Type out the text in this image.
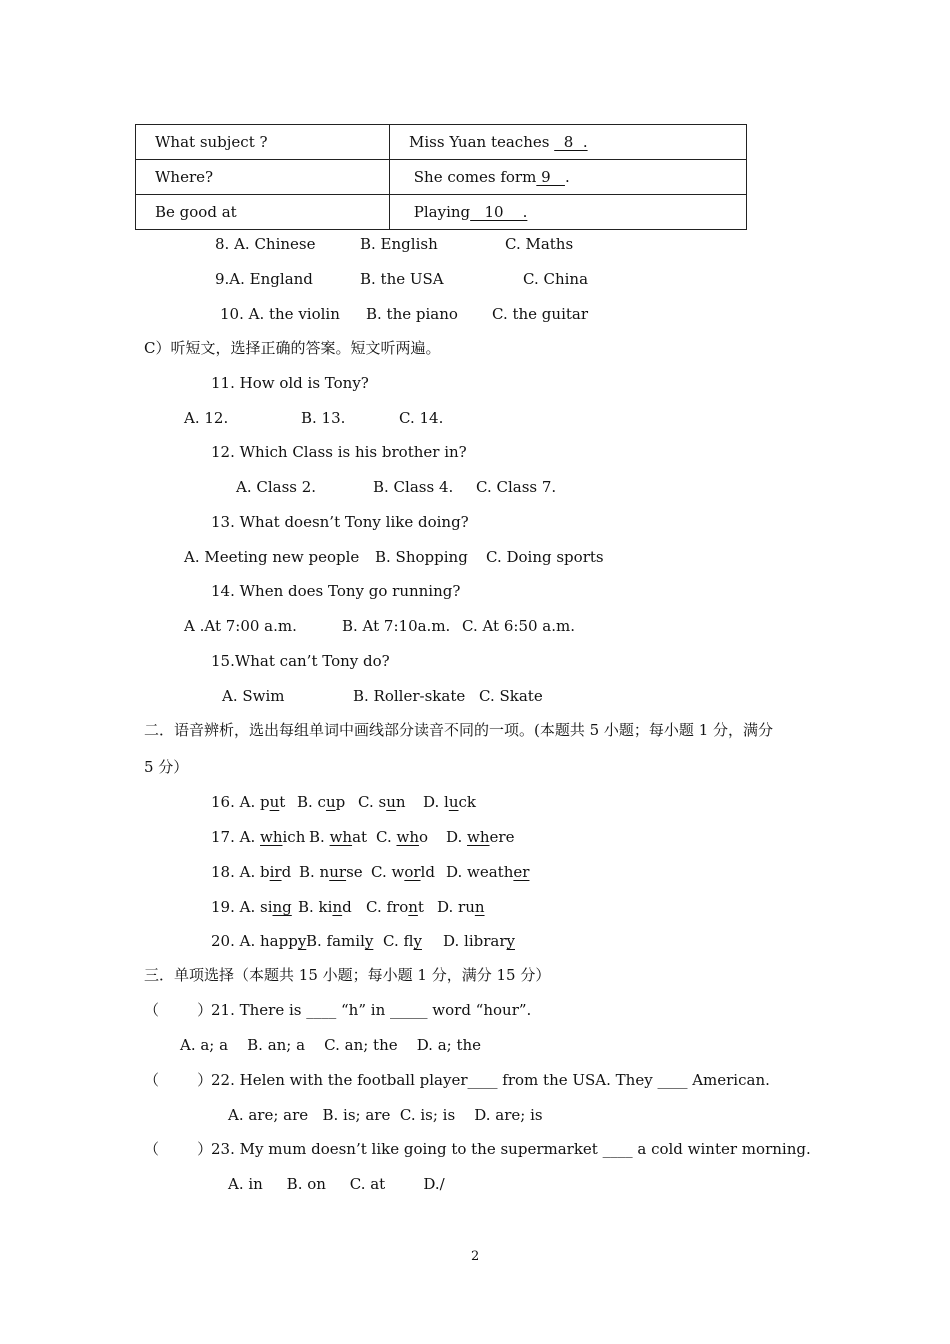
What subject ?	Miss Yuan teaches   8  .
Where?	She comes form 9   .
Be good at	Playing   10    .
8. A. Chinese	B. English	C. Maths
9.A. England	B. the USA	C. China
10. A. the violin B. the piano C. the guitar
C）听短文，选择正确的答案。短文听两遍。
11. How old is Tony?
A. 12.	B. 13.	C. 14.
12. Which Class is his brother in?
A. Class 2.	B. Class 4. C. Class 7.
13. What doesn’t Tony like doing?
A. Meeting new people B. Shopping C. Doing sports
14. When does Tony go running?
A .At 7:00 a.m.	B. At 7:10a.m. C. At 6:50 a.m.
15.What can’t Tony do?
A. Swim	B. Roller-skate C. Skate
二．语音辨析，选出每组单词中画线部分读音不同的一项。(本题共 5 小题；每小题 1 分，满分
5 分）
16. A. put B. cup C. sun D. luck
17. A. which B. what C. who D. where
18. A. bird B. nurse C. world D. weather
19. A. sing B. kind C. front D. run
20. A. happy B. family C. fly D. library
三．单项选择（本题共 15 小题；每小题 1 分，满分 15 分）
（        ）
21. There is ____ “h” in _____ word “hour”.
A. a; a    B. an; a    C. an; the    D. a; the
（        ）
22. Helen with the football player____ from the USA. They ____ American.
A. are; are   B. is; are  C. is; is    D. are; is
（        ）
23. My mum doesn’t like going to the supermarket ____ a cold winter morning.
A. in     B. on     C. at        D./
2
